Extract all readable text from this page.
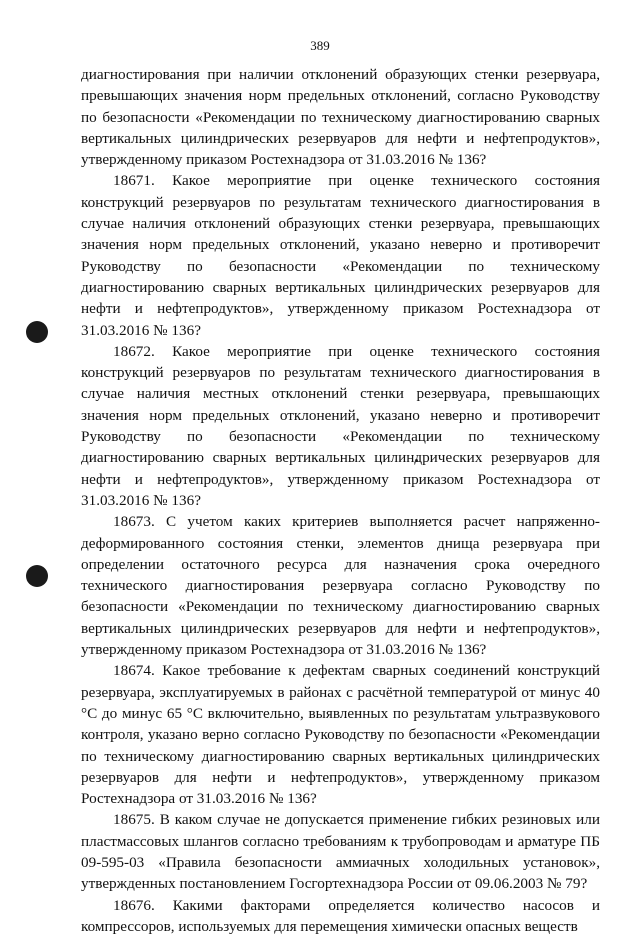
389

диагностирования при наличии отклонений образующих стенки резервуара, превышающих значения норм предельных отклонений, согласно Руководству по безопасности «Рекомендации по техническому диагностированию сварных вертикальных цилиндрических резервуаров для нефти и нефтепродуктов», утвержденному приказом Ростехнадзора от 31.03.2016 № 136?

18671. Какое мероприятие при оценке технического состояния конструкций резервуаров по результатам технического диагностирования в случае наличия отклонений образующих стенки резервуара, превышающих значения норм предельных отклонений, указано неверно и противоречит Руководству по безопасности «Рекомендации по техническому диагностированию сварных вертикальных цилиндрических резервуаров для нефти и нефтепродуктов», утвержденному приказом Ростехнадзора от 31.03.2016 № 136?

18672. Какое мероприятие при оценке технического состояния конструкций резервуаров по результатам технического диагностирования в случае наличия местных отклонений стенки резервуара, превышающих значения норм предельных отклонений, указано неверно и противоречит Руководству по безопасности «Рекомендации по техническому диагностированию сварных вертикальных цилиндрических резервуаров для нефти и нефтепродуктов», утвержденному приказом Ростехнадзора от 31.03.2016 № 136?

18673. С учетом каких критериев выполняется расчет напряженно-деформированного состояния стенки, элементов днища резервуара при определении остаточного ресурса для назначения срока очередного технического диагностирования резервуара согласно Руководству по безопасности «Рекомендации по техническому диагностированию сварных вертикальных цилиндрических резервуаров для нефти и нефтепродуктов», утвержденному приказом Ростехнадзора от 31.03.2016 № 136?

18674. Какое требование к дефектам сварных соединений конструкций резервуара, эксплуатируемых в районах с расчётной температурой от минус 40 °С до минус 65 °С включительно, выявленных по результатам ультразвукового контроля, указано верно согласно Руководству по безопасности «Рекомендации по техническому диагностированию сварных вертикальных цилиндрических резервуаров для нефти и нефтепродуктов», утвержденному приказом Ростехнадзора от 31.03.2016 № 136?

18675. В каком случае не допускается применение гибких резиновых или пластмассовых шлангов согласно требованиям к трубопроводам и арматуре ПБ 09-595-03 «Правила безопасности аммиачных холодильных установок», утвержденных постановлением Госгортехнадзора России от 09.06.2003 № 79?

18676. Какими факторами определяется количество насосов и компрессоров, используемых для перемещения химически опасных веществ
